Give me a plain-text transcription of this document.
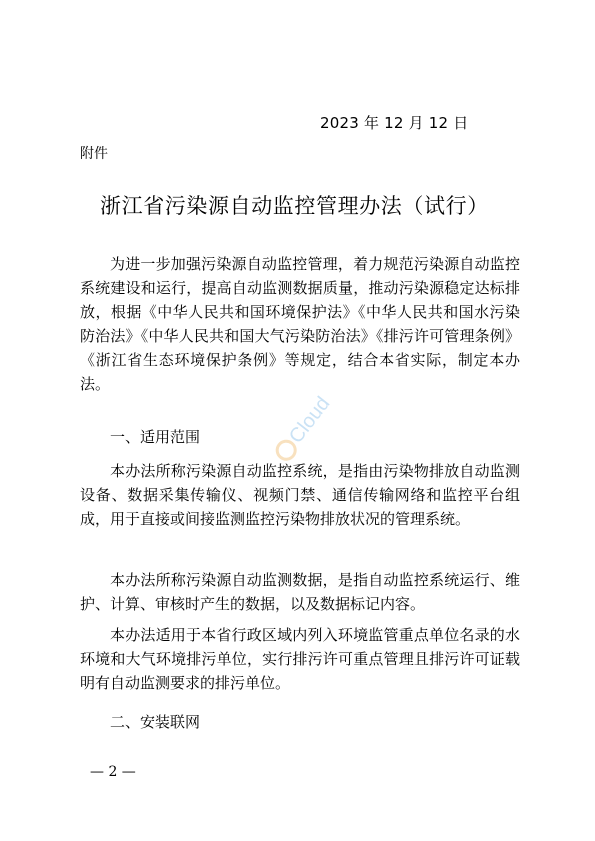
2023 年 12 月 12 日
附件
浙江省污染源自动监控管理办法（试行）

为进一步加强污染源自动监控管理，着力规范污染源自动监控系统建设和运行，提高自动监测数据质量，推动污染源稳定达标排放，根据《中华人民共和国环境保护法》《中华人民共和国水污染防治法》《中华人民共和国大气污染防治法》《排污许可管理条例》《浙江省生态环境保护条例》等规定，结合本省实际，制定本办法。

一、适用范围

本办法所称污染源自动监控系统，是指由污染物排放自动监测设备、数据采集传输仪、视频门禁、通信传输网络和监控平台组成，用于直接或间接监测监控污染物排放状况的管理系统。

本办法所称污染源自动监测数据，是指自动监控系统运行、维护、计算、审核时产生的数据，以及数据标记内容。

本办法适用于本省行政区域内列入环境监管重点单位名录的水环境和大气环境排污单位，实行排污许可重点管理且排污许可证载明有自动监测要求的排污单位。

二、安装联网

— 2 —
Cloud
